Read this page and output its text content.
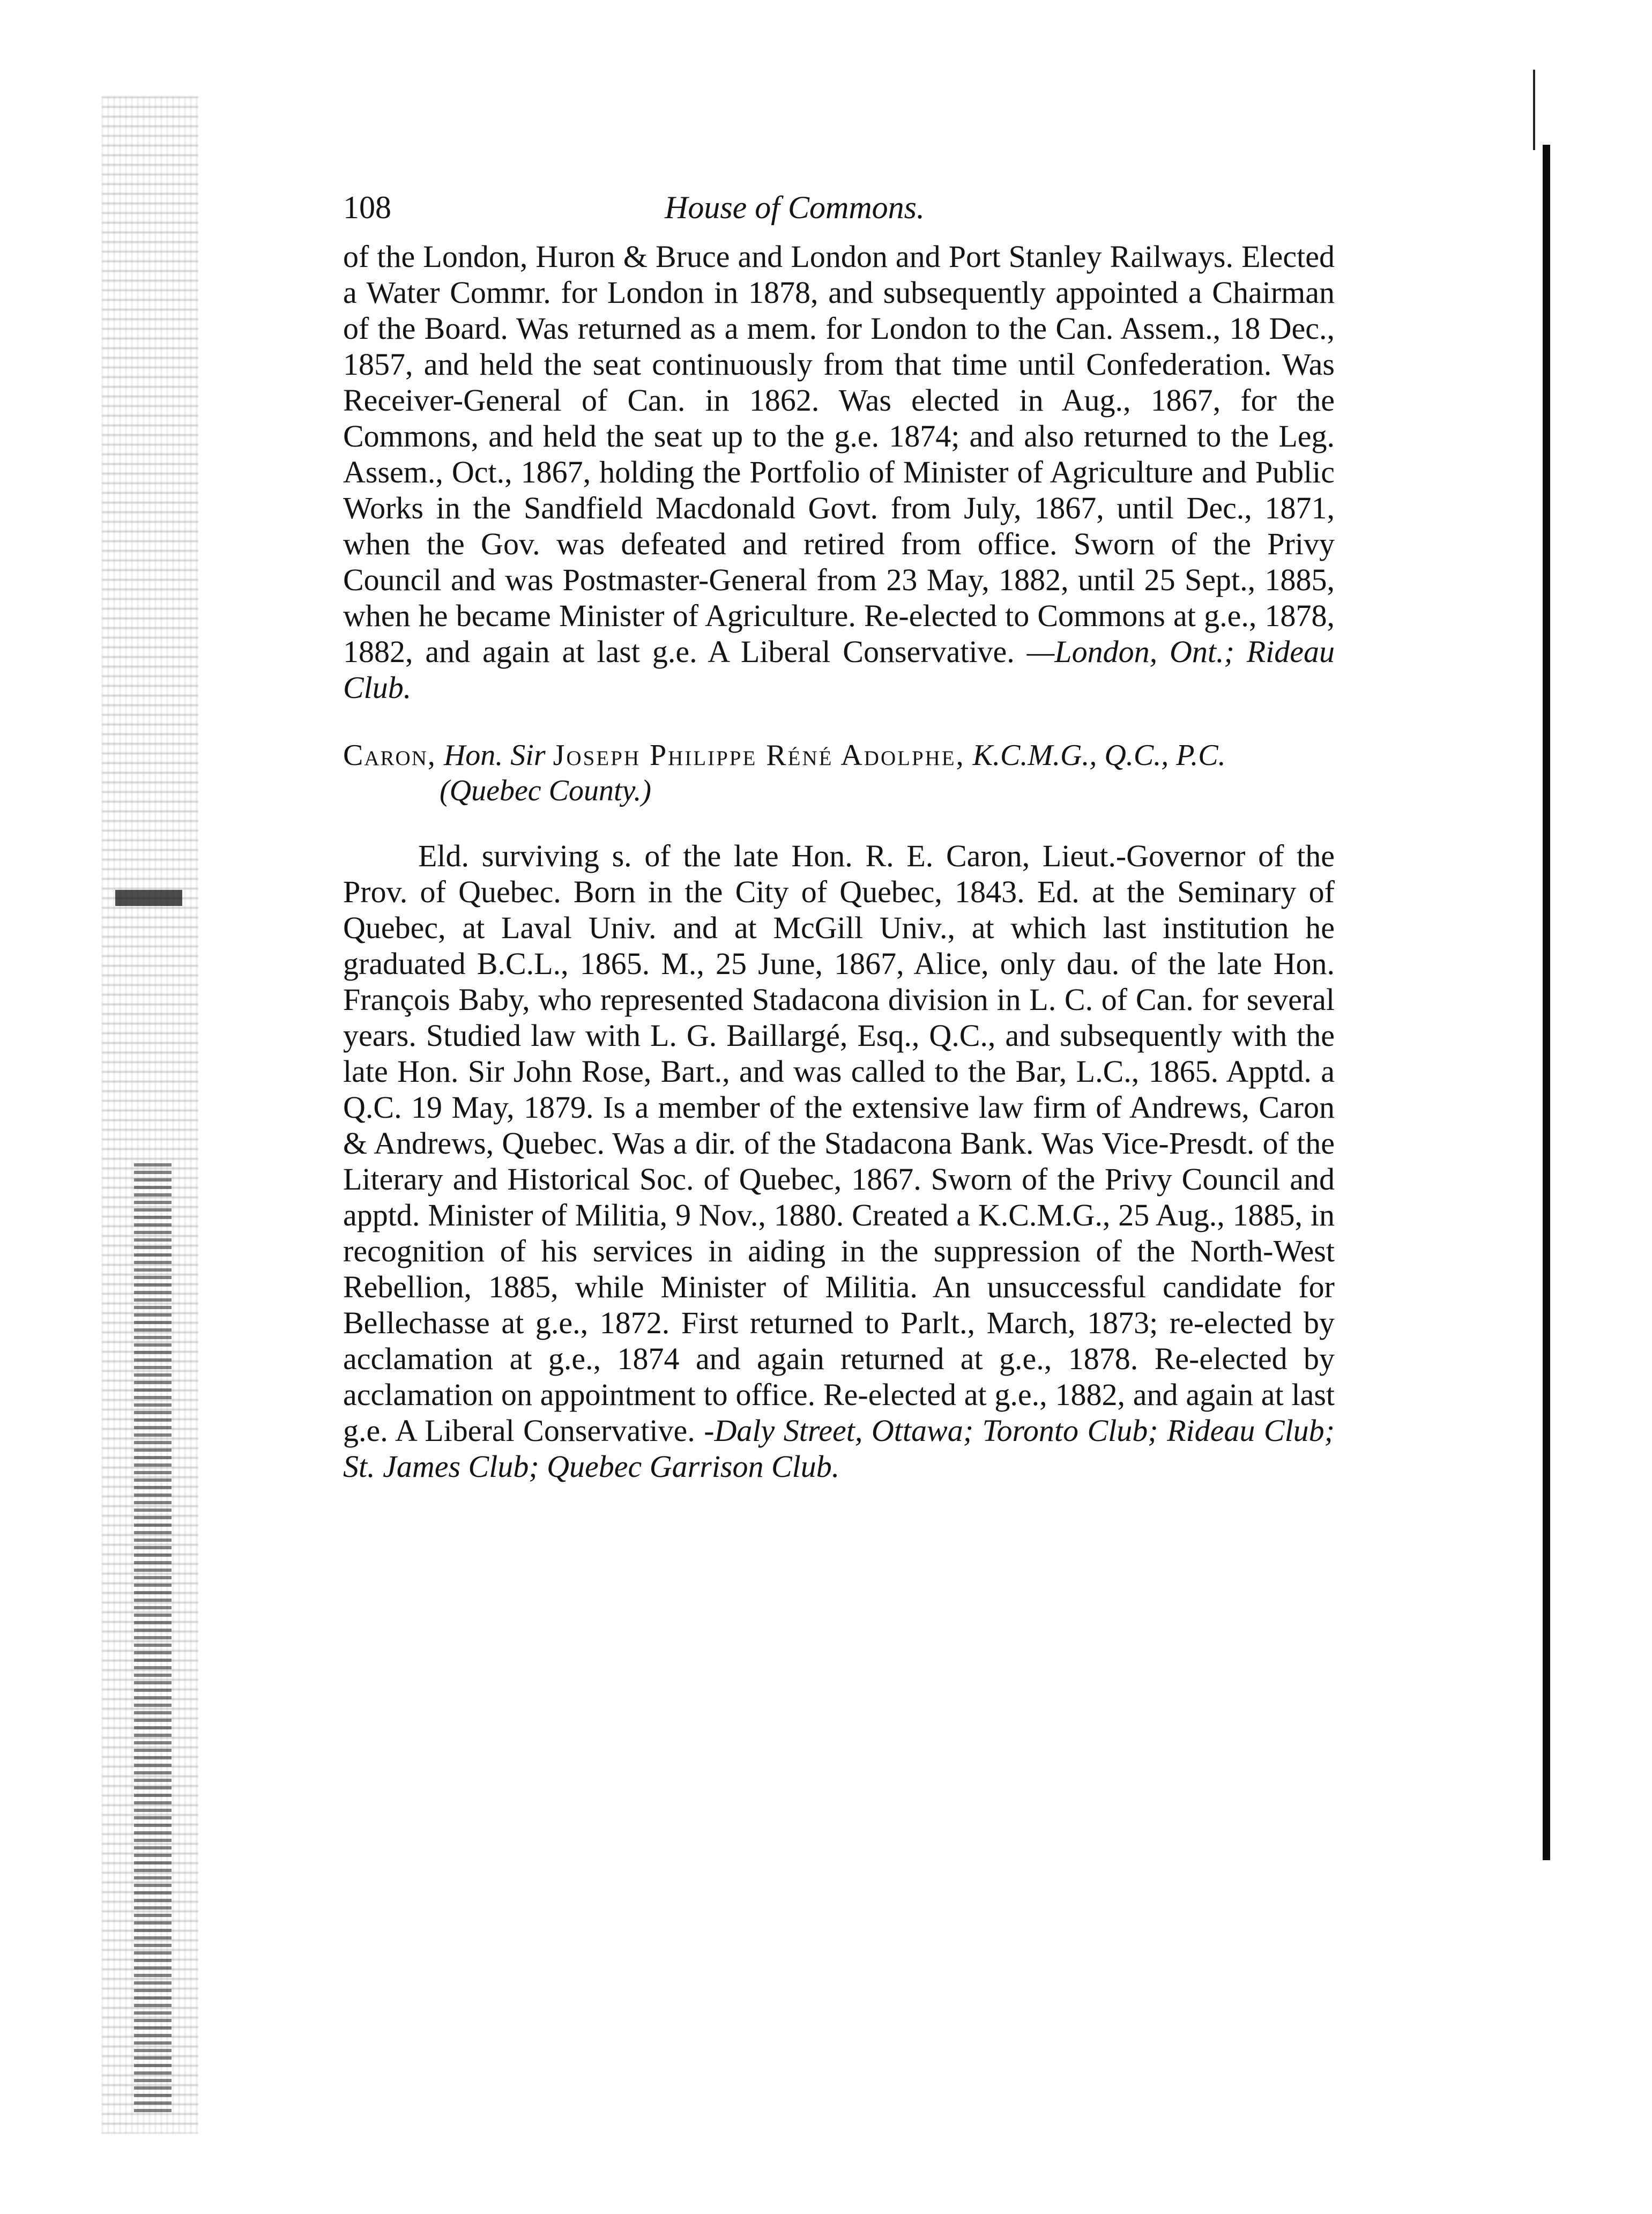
108	House of Commons.
of the London, Huron & Bruce and London and Port Stanley Railways. Elected a Water Commr. for London in 1878, and subsequently appointed a Chairman of the Board. Was returned as a mem. for London to the Can. Assem., 18 Dec., 1857, and held the seat continuously from that time until Confederation. Was Receiver-General of Can. in 1862. Was elected in Aug., 1867, for the Commons, and held the seat up to the g.e. 1874; and also returned to the Leg. Assem., Oct., 1867, holding the Portfolio of Minister of Agriculture and Public Works in the Sandfield Macdonald Govt. from July, 1867, until Dec., 1871, when the Gov. was defeated and retired from office. Sworn of the Privy Council and was Postmaster-General from 23 May, 1882, until 25 Sept., 1885, when he became Minister of Agriculture. Re-elected to Commons at g.e., 1878, 1882, and again at last g.e. A Liberal Conservative. —London, Ont.; Rideau Club.
Caron, Hon. Sir Joseph Philippe Réné Adolphe, K.C.M.G., Q.C., P.C. (Quebec County.)
Eld. surviving s. of the late Hon. R. E. Caron, Lieut.-Governor of the Prov. of Quebec. Born in the City of Quebec, 1843. Ed. at the Seminary of Quebec, at Laval Univ. and at McGill Univ., at which last institution he graduated B.C.L., 1865. M., 25 June, 1867, Alice, only dau. of the late Hon. François Baby, who represented Stadacona division in L. C. of Can. for several years. Studied law with L. G. Baillargé, Esq., Q.C., and subsequently with the late Hon. Sir John Rose, Bart., and was called to the Bar, L.C., 1865. Apptd. a Q.C. 19 May, 1879. Is a member of the extensive law firm of Andrews, Caron & Andrews, Quebec. Was a dir. of the Stadacona Bank. Was Vice-Presdt. of the Literary and Historical Soc. of Quebec, 1867. Sworn of the Privy Council and apptd. Minister of Militia, 9 Nov., 1880. Created a K.C.M.G., 25 Aug., 1885, in recognition of his services in aiding in the suppression of the North-West Rebellion, 1885, while Minister of Militia. An unsuccessful candidate for Bellechasse at g.e., 1872. First returned to Parlt., March, 1873; re-elected by acclamation at g.e., 1874 and again returned at g.e., 1878. Re-elected by acclamation on appointment to office. Re-elected at g.e., 1882, and again at last g.e. A Liberal Conservative. -Daly Street, Ottawa; Toronto Club; Rideau Club; St. James Club; Quebec Garrison Club.
